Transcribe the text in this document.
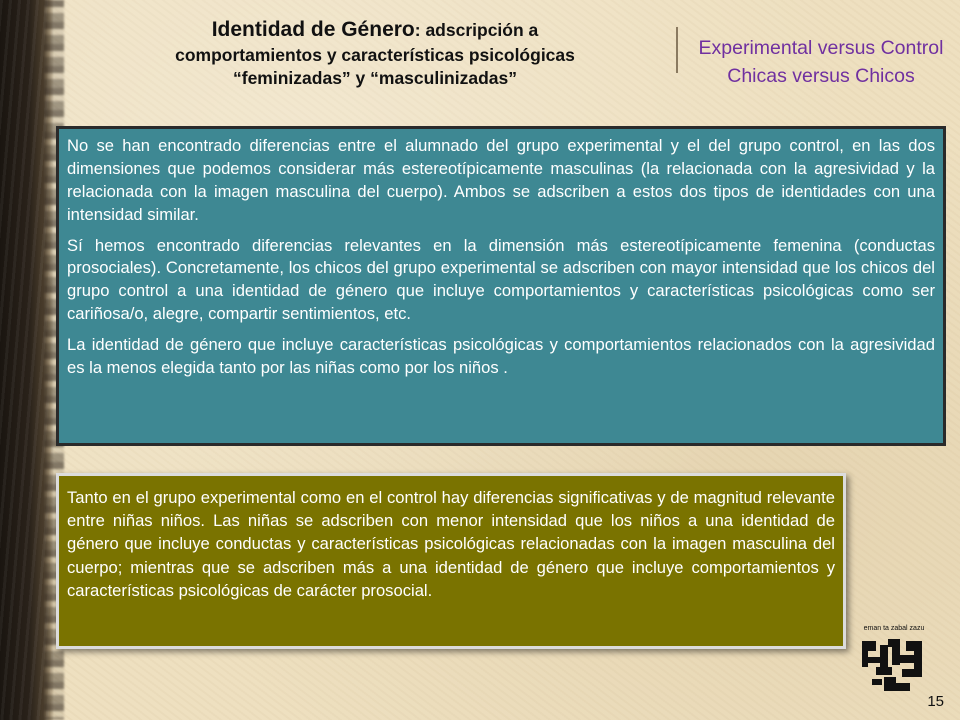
Identidad de Género: adscripción a
comportamientos y características psicológicas
“feminizadas” y “masculinizadas”
Experimental versus Control Chicas versus Chicos

No se han encontrado diferencias entre el alumnado del grupo experimental y el del grupo control, en las dos dimensiones que podemos considerar más estereotípicamente masculinas (la relacionada con la agresividad y la relacionada con la imagen masculina del cuerpo). Ambos se adscriben a estos dos tipos de identidades con una intensidad similar.

Sí hemos encontrado diferencias relevantes en la dimensión más estereotípicamente femenina (conductas prosociales). Concretamente, los chicos del grupo experimental se adscriben con mayor intensidad que los chicos del grupo control a una identidad de género que incluye comportamientos y características psicológicas como ser cariñosa/o, alegre, compartir sentimientos, etc.

La identidad de género que incluye características psicológicas y comportamientos relacionados con la agresividad es la menos elegida tanto por las niñas como por los niños .

Tanto en el grupo experimental como en el control hay diferencias significativas y de magnitud relevante entre niñas niños. Las niñas se adscriben con menor intensidad que los niños a una identidad de género que incluye conductas y características psicológicas relacionadas con la imagen masculina del cuerpo; mientras que se adscriben más a una identidad de género que incluye comportamientos y características psicológicas de carácter prosocial.

eman ta zabal zazu
15
